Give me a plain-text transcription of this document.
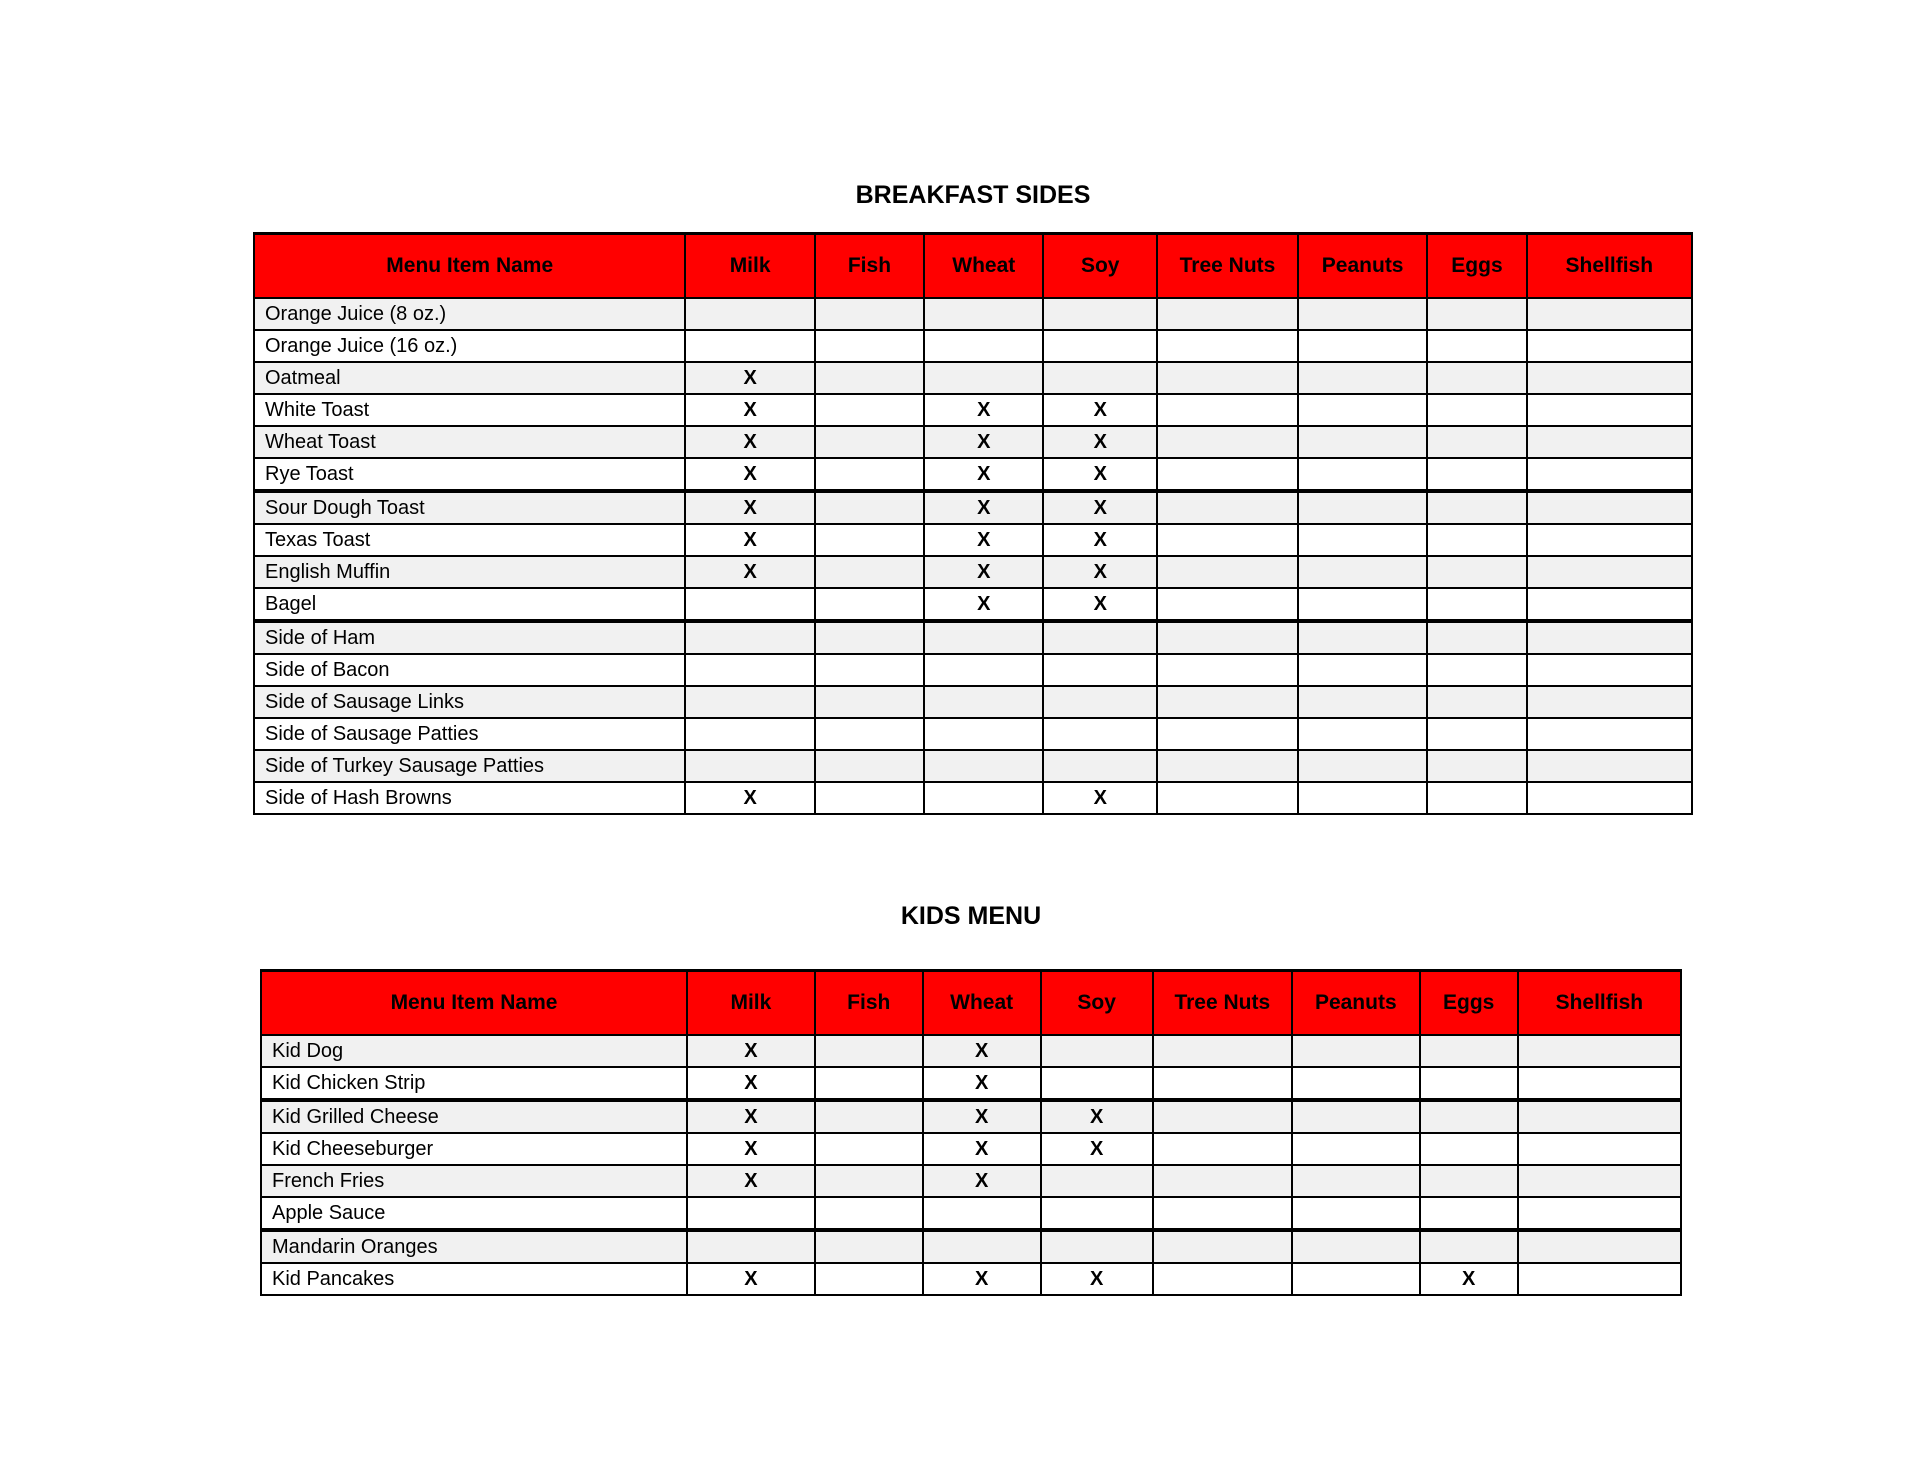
BREAKFAST SIDES
Menu Item Name	Milk	Fish	Wheat	Soy	Tree Nuts	Peanuts	Eggs	Shellfish
Orange Juice (8 oz.)								
Orange Juice (16 oz.)								
Oatmeal	X							
White Toast	X		X	X				
Wheat Toast	X		X	X				
Rye Toast	X		X	X				
Sour Dough Toast	X		X	X				
Texas Toast	X		X	X				
English Muffin	X		X	X				
Bagel			X	X				
Side of Ham								
Side of Bacon								
Side of Sausage Links								
Side of Sausage Patties								
Side of Turkey Sausage Patties								
Side of Hash Browns	X			X				
KIDS MENU
Menu Item Name	Milk	Fish	Wheat	Soy	Tree Nuts	Peanuts	Eggs	Shellfish
Kid Dog	X		X					
Kid Chicken Strip	X		X					
Kid Grilled Cheese	X		X	X				
Kid Cheeseburger	X		X	X				
French Fries	X		X					
Apple Sauce								
Mandarin Oranges								
Kid Pancakes	X		X	X			X	
